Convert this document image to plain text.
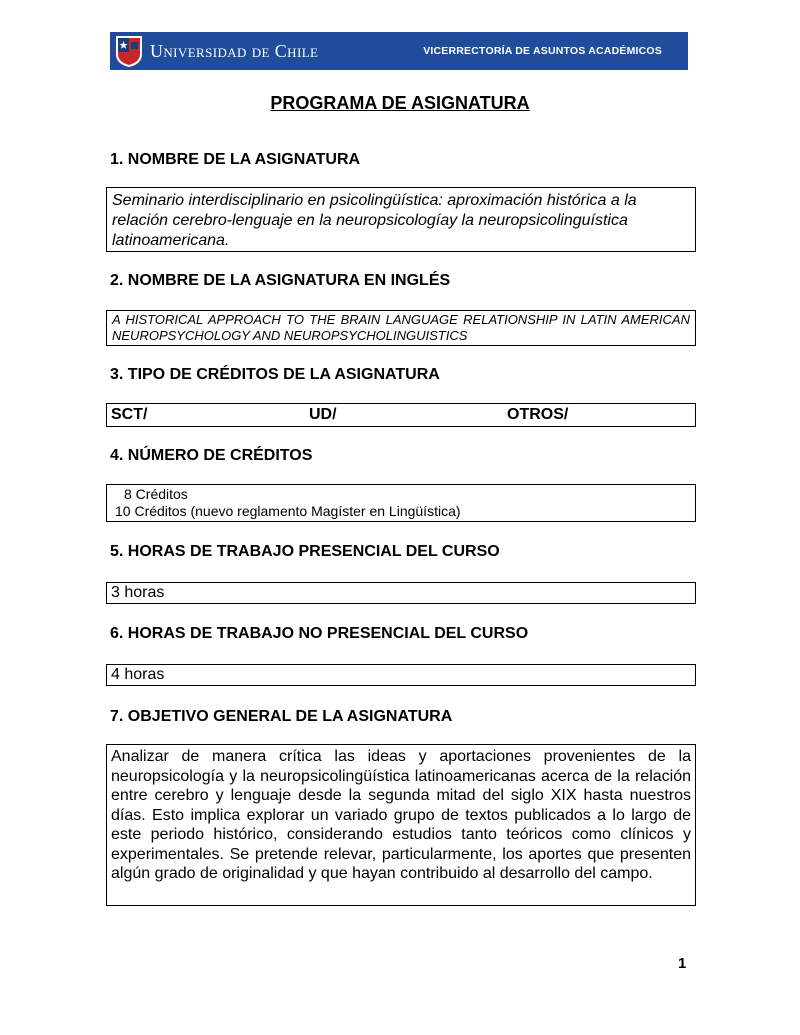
Universidad de Chile	VICERRECTORÍA DE ASUNTOS ACADÉMICOS
PROGRAMA DE ASIGNATURA
1. NOMBRE DE LA ASIGNATURA

Seminario interdisciplinario en psicolingüística: aproximación histórica a la relación cerebro-lenguaje en la neuropsicologíay la neuropsicolinguística latinoamericana.

2. NOMBRE DE LA ASIGNATURA EN INGLÉS

A HISTORICAL APPROACH TO THE BRAIN LANGUAGE RELATIONSHIP IN LATIN AMERICAN NEUROPSYCHOLOGY AND NEUROPSYCHOLINGUISTICS

3. TIPO DE CRÉDITOS DE LA ASIGNATURA
SCT/	UD/	OTROS/
4. NÚMERO DE CRÉDITOS
8 Créditos
10 Créditos (nuevo reglamento Magíster en Lingüística)
5. HORAS DE TRABAJO PRESENCIAL DEL CURSO

3 horas

6. HORAS DE TRABAJO NO PRESENCIAL DEL CURSO

4 horas

7. OBJETIVO GENERAL DE LA ASIGNATURA

Analizar de manera crítica las ideas y aportaciones provenientes de la neuropsicología y la neuropsicolingüística latinoamericanas acerca de la relación entre cerebro y lenguaje desde la segunda mitad del siglo XIX hasta nuestros días. Esto implica explorar un variado grupo de textos publicados a lo largo de este periodo histórico, considerando estudios tanto teóricos como clínicos y experimentales. Se pretende relevar, particularmente, los aportes que presenten algún grado de originalidad y que hayan contribuido al desarrollo del campo.

1
